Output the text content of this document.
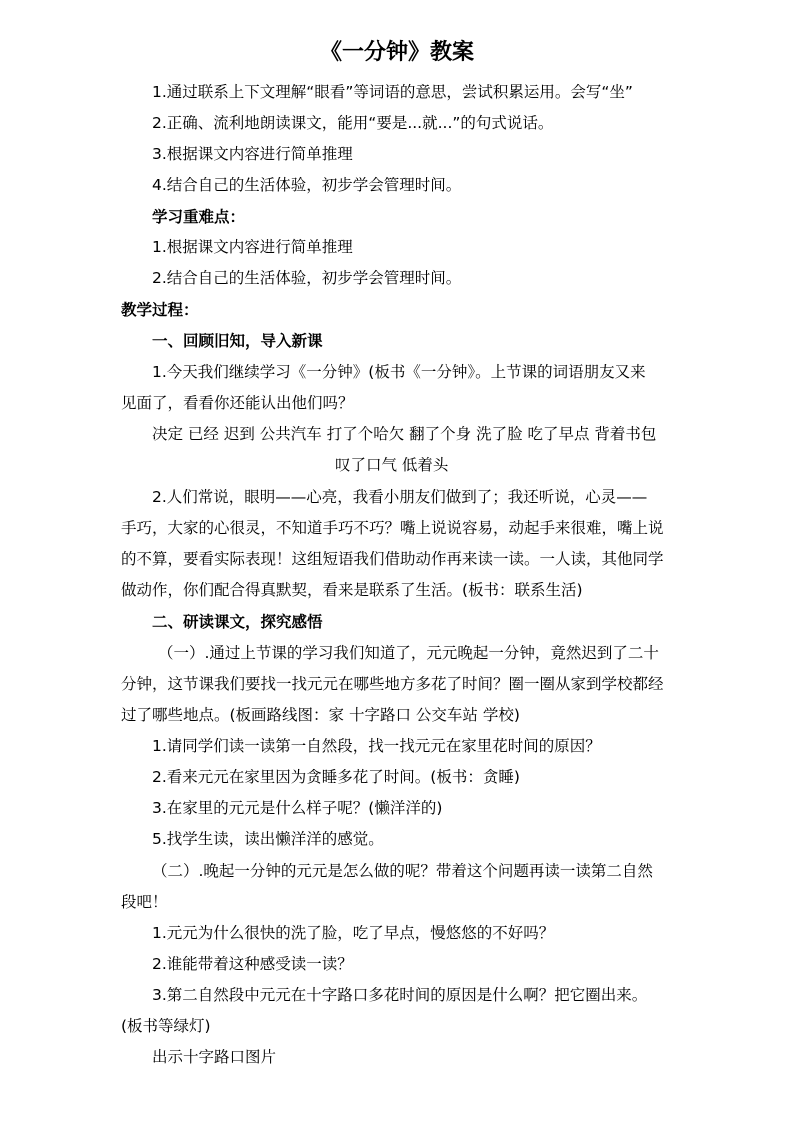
《一分钟》教案
1.通过联系上下文理解“眼看”等词语的意思，尝试积累运用。会写“坐”
2.正确、流利地朗读课文，能用“要是...就...”的句式说话。
3.根据课文内容进行简单推理
4.结合自己的生活体验，初步学会管理时间。
学习重难点：
1.根据课文内容进行简单推理
2.结合自己的生活体验，初步学会管理时间。
教学过程：
一、回顾旧知，导入新课
1.今天我们继续学习《一分钟》(板书《一分钟》。上节课的词语朋友又来
见面了，看看你还能认出他们吗？
决定 已经 迟到 公共汽车 打了个哈欠 翻了个身 洗了脸 吃了早点 背着书包
叹了口气 低着头
2.人们常说，眼明——心亮，我看小朋友们做到了；我还听说，心灵——
手巧，大家的心很灵，不知道手巧不巧？嘴上说说容易，动起手来很难，嘴上说
的不算，要看实际表现！这组短语我们借助动作再来读一读。一人读，其他同学
做动作，你们配合得真默契，看来是联系了生活。(板书：联系生活)
二、研读课文，探究感悟
（一）.通过上节课的学习我们知道了，元元晚起一分钟，竟然迟到了二十
分钟，这节课我们要找一找元元在哪些地方多花了时间？圈一圈从家到学校都经
过了哪些地点。(板画路线图：家 十字路口 公交车站 学校)
1.请同学们读一读第一自然段，找一找元元在家里花时间的原因？
2.看来元元在家里因为贪睡多花了时间。(板书：贪睡)
3.在家里的元元是什么样子呢？(懒洋洋的)
5.找学生读，读出懒洋洋的感觉。
（二）.晚起一分钟的元元是怎么做的呢？带着这个问题再读一读第二自然
段吧！
1.元元为什么很快的洗了脸，吃了早点，慢悠悠的不好吗？
2.谁能带着这种感受读一读？
3.第二自然段中元元在十字路口多花时间的原因是什么啊？把它圈出来。
(板书等绿灯)
出示十字路口图片
